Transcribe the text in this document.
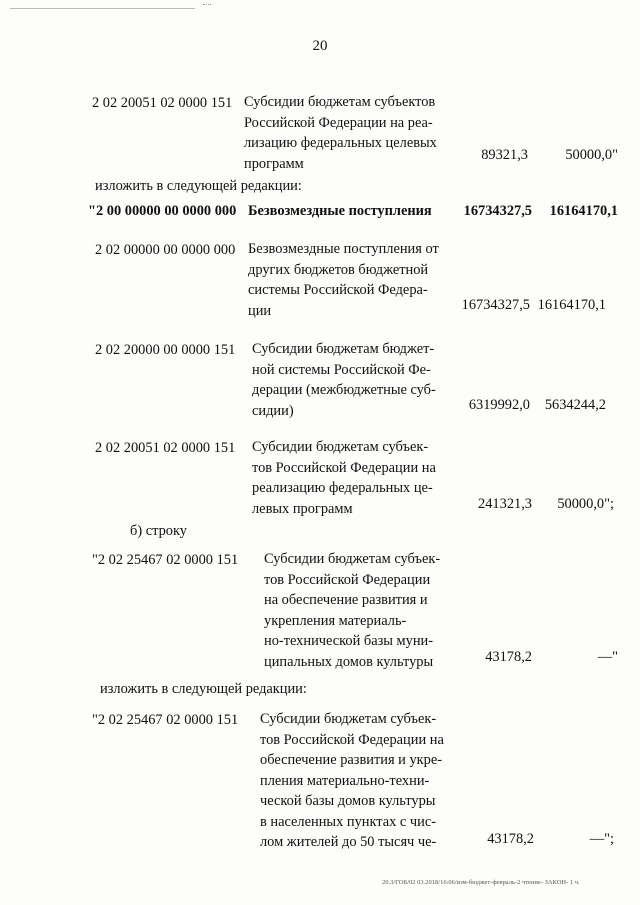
20
2 02 20051 02 0000 151 Субсидии бюджетам субъектов
Российской Федерации на реа-
лизацию федеральных целевых
программ
89321,3	50000,0"
изложить в следующей редакции:
"2 00 00000 00 0000 000 Безвозмездные поступления	16734327,5 16164170,1
2 02 00000 00 0000 000 Безвозмездные поступления от
других бюджетов бюджетной
системы Российской Федера-
ции	16734327,5 16164170,1
2 02 20000 00 0000 151 Субсидии бюджетам бюджет-
ной системы Российской Фе-
дерации (межбюджетные суб-
сидии)	6319992,0 5634244,2
2 02 20051 02 0000 151 Субсидии бюджетам субъек-
тов Российской Федерации на
реализацию федеральных це-
левых программ	241321,3 50000,0";
б) строку
"2 02 25467 02 0000 151 Субсидии бюджетам субъек-
тов Российской Федерации
на обеспечение развития и
укрепления материаль-
но-технической базы муни-
ципальных домов культуры	43178,2	—"
изложить в следующей редакции:
"2 02 25467 02 0000 151 Субсидии бюджетам субъек-
тов Российской Федерации на
обеспечение развития и укре-
пления материально-техни-
ческой базы домов культуры
в населенных пунктах с чис-
лом жителей до 50 тысяч че-	43178,2	—";
20.3/ГОБ/02 03.2018/16:06/изм-бюджет-февраль-2 чтение- ЗАКОН- 1 ч.
